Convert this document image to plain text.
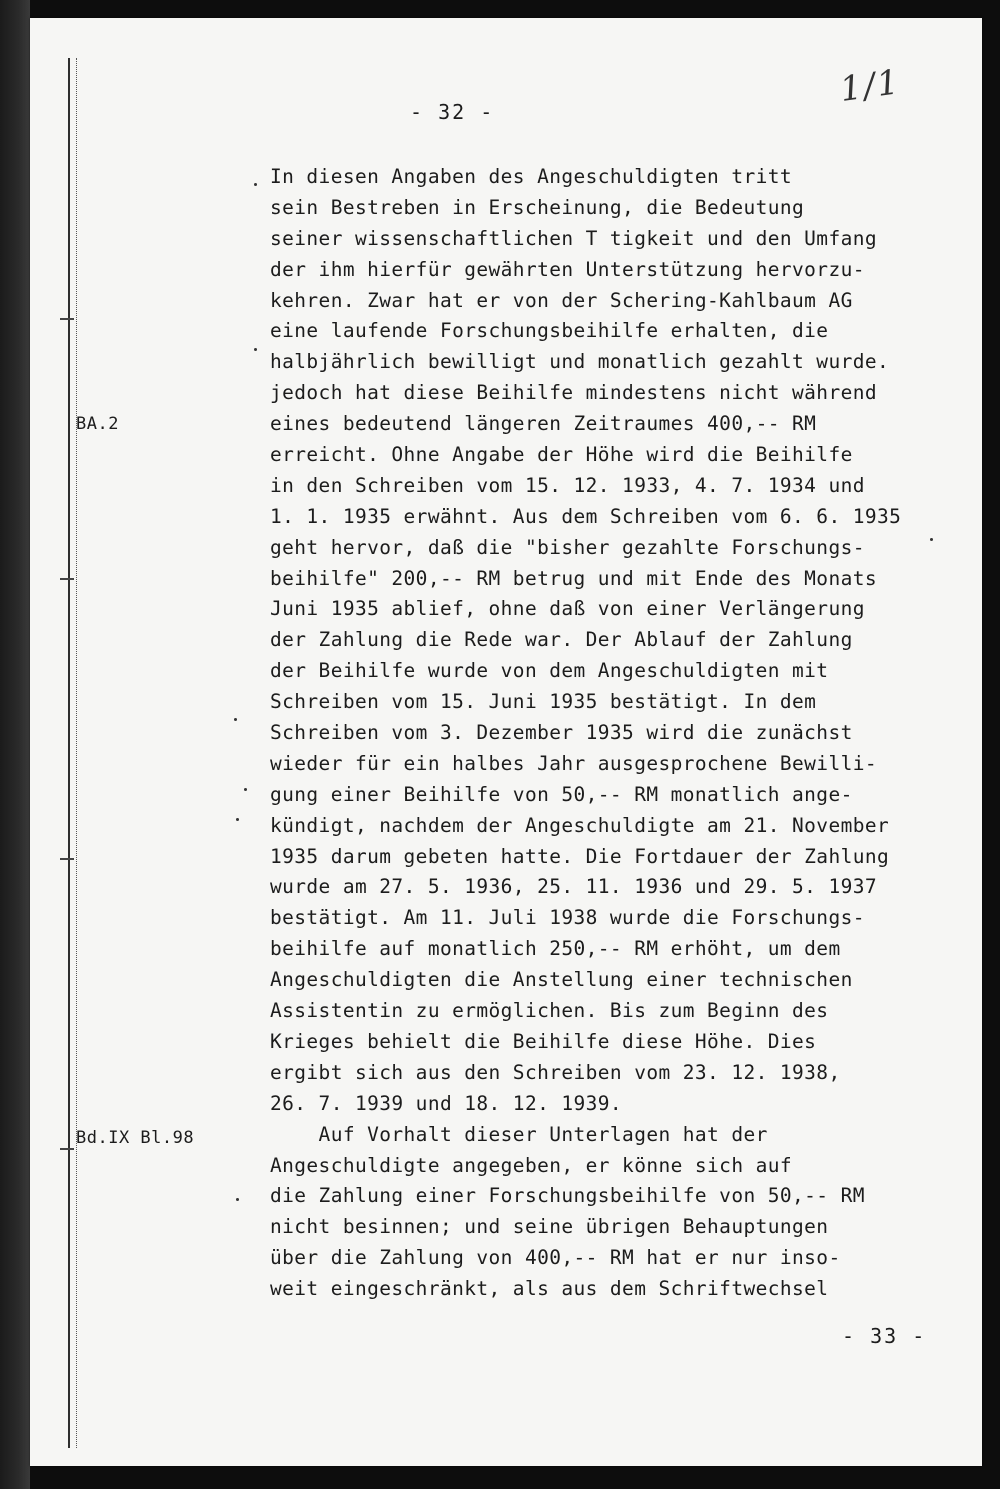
1/1
- 32 -
BA.2
Bd.IX Bl.98
In diesen Angaben des Angeschuldigten tritt
sein Bestreben in Erscheinung, die Bedeutung
seiner wissenschaftlichen T tigkeit und den Umfang
der ihm hierfür gewährten Unterstützung hervorzu-
kehren. Zwar hat er von der Schering-Kahlbaum AG
eine laufende Forschungsbeihilfe erhalten, die
halbjährlich bewilligt und monatlich gezahlt wurde.
jedoch hat diese Beihilfe mindestens nicht während
eines bedeutend längeren Zeitraumes 400,-- RM
erreicht. Ohne Angabe der Höhe wird die Beihilfe
in den Schreiben vom 15. 12. 1933, 4. 7. 1934 und
1. 1. 1935 erwähnt. Aus dem Schreiben vom 6. 6. 1935
geht hervor, daß die "bisher gezahlte Forschungs-
beihilfe" 200,-- RM betrug und mit Ende des Monats
Juni 1935 ablief, ohne daß von einer Verlängerung
der Zahlung die Rede war. Der Ablauf der Zahlung
der Beihilfe wurde von dem Angeschuldigten mit
Schreiben vom 15. Juni 1935 bestätigt. In dem
Schreiben vom 3. Dezember 1935 wird die zunächst
wieder für ein halbes Jahr ausgesprochene Bewilli-
gung einer Beihilfe von 50,-- RM monatlich ange-
kündigt, nachdem der Angeschuldigte am 21. November
1935 darum gebeten hatte. Die Fortdauer der Zahlung
wurde am 27. 5. 1936, 25. 11. 1936 und 29. 5. 1937
bestätigt. Am 11. Juli 1938 wurde die Forschungs-
beihilfe auf monatlich 250,-- RM erhöht, um dem
Angeschuldigten die Anstellung einer technischen
Assistentin zu ermöglichen. Bis zum Beginn des
Krieges behielt die Beihilfe diese Höhe. Dies
ergibt sich aus den Schreiben vom 23. 12. 1938,
26. 7. 1939 und 18. 12. 1939.
Auf Vorhalt dieser Unterlagen hat der
Angeschuldigte angegeben, er könne sich auf
die Zahlung einer Forschungsbeihilfe von 50,-- RM
nicht besinnen; und seine übrigen Behauptungen
über die Zahlung von 400,-- RM hat er nur inso-
weit eingeschränkt, als aus dem Schriftwechsel
- 33 -
